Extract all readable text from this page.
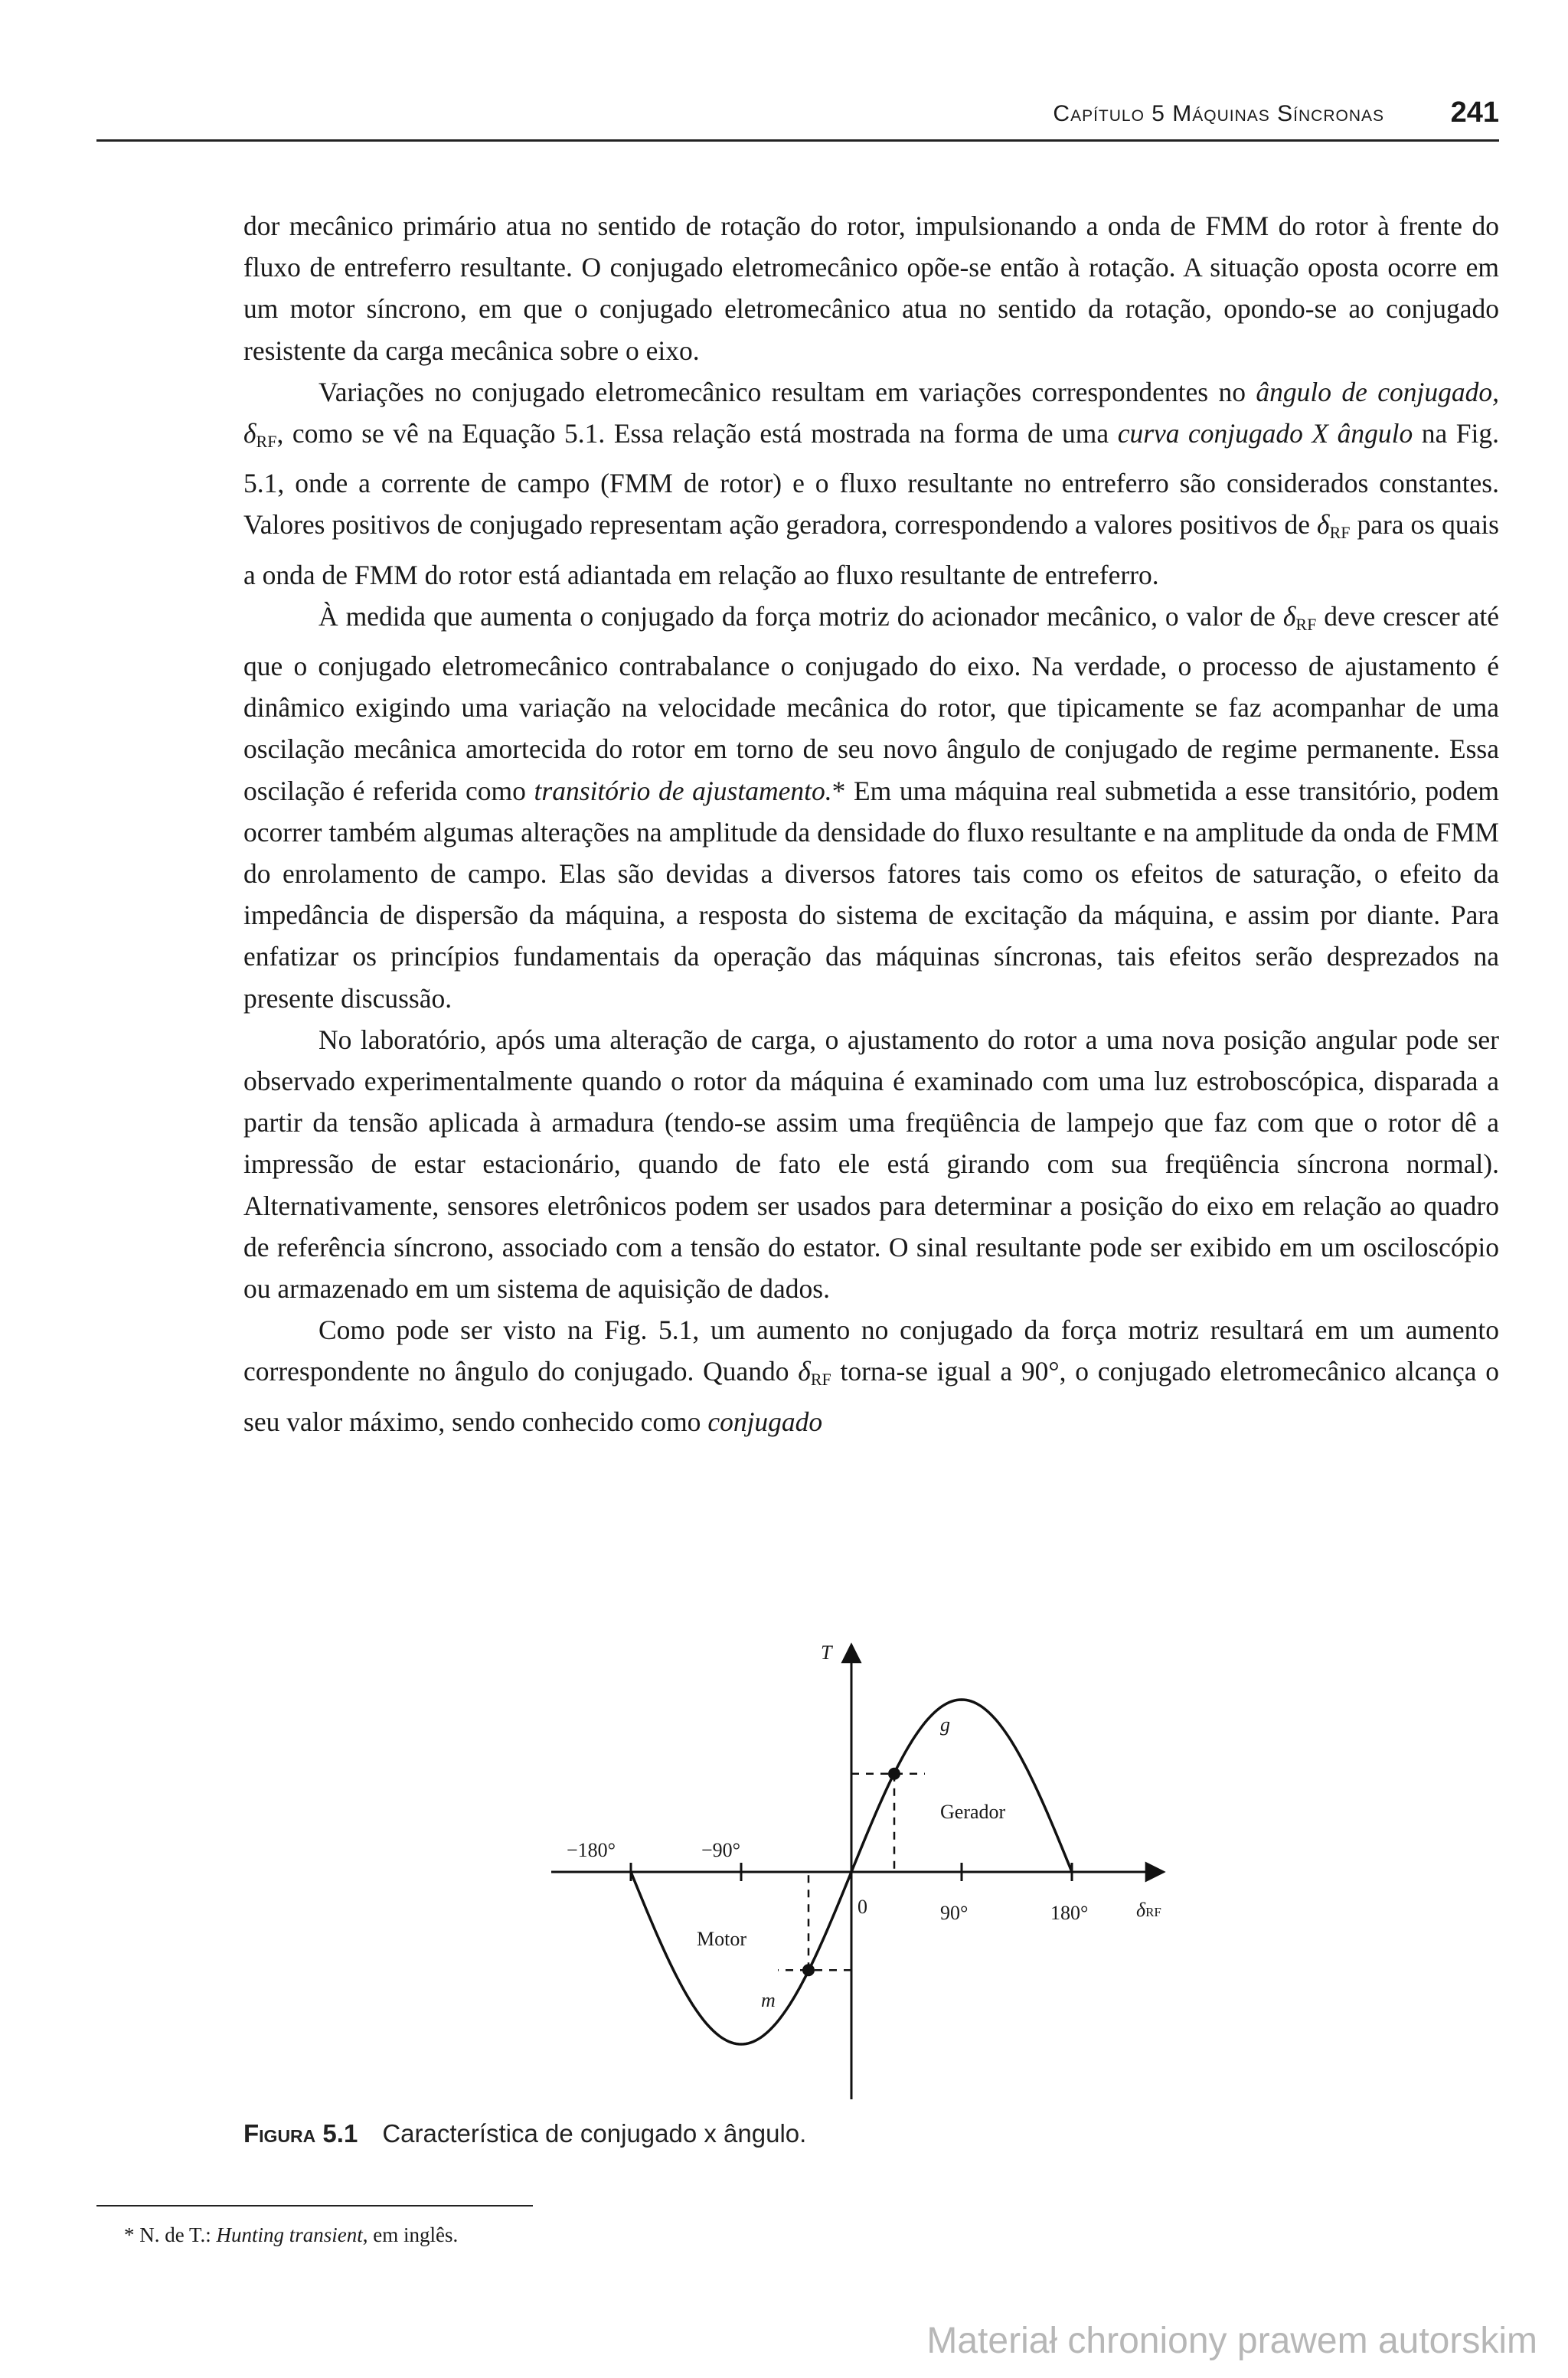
Capítulo 5 Máquinas Síncronas 241

dor mecânico primário atua no sentido de rotação do rotor, impulsionando a onda de FMM do rotor à frente do fluxo de entreferro resultante. O conjugado eletromecânico opõe-se então à rotação. A situação oposta ocorre em um motor síncrono, em que o conjugado eletromecânico atua no sentido da rotação, opondo-se ao conjugado resistente da carga mecânica sobre o eixo.

Variações no conjugado eletromecânico resultam em variações correspondentes no ângulo de conjugado, $\delta_{RF}$, como se vê na Equação 5.1. Essa relação está mostrada na forma de uma curva conjugado X ângulo na Fig. 5.1, onde a corrente de campo (FMM de rotor) e o fluxo resultante no entreferro são considerados constantes. Valores positivos de conjugado representam ação geradora, correspondendo a valores positivos de $\delta_{RF}$ para os quais a onda de FMM do rotor está adiantada em relação ao fluxo resultante de entreferro.

À medida que aumenta o conjugado da força motriz do acionador mecânico, o valor de $\delta_{RF}$ deve crescer até que o conjugado eletromecânico contrabalance o conjugado do eixo. Na verdade, o processo de ajustamento é dinâmico exigindo uma variação na velocidade mecânica do rotor, que tipicamente se faz acompanhar de uma oscilação mecânica amortecida do rotor em torno de seu novo ângulo de conjugado de regime permanente. Essa oscilação é referida como transitório de ajustamento.* Em uma máquina real submetida a esse transitório, podem ocorrer também algumas alterações na amplitude da densidade do fluxo resultante e na amplitude da onda de FMM do enrolamento de campo. Elas são devidas a diversos fatores tais como os efeitos de saturação, o efeito da impedância de dispersão da máquina, a resposta do sistema de excitação da máquina, e assim por diante. Para enfatizar os princípios fundamentais da operação das máquinas síncronas, tais efeitos serão desprezados na presente discussão.

No laboratório, após uma alteração de carga, o ajustamento do rotor a uma nova posição angular pode ser observado experimentalmente quando o rotor da máquina é examinado com uma luz estroboscópica, disparada a partir da tensão aplicada à armadura (tendo-se assim uma freqüência de lampejo que faz com que o rotor dê a impressão de estar estacionário, quando de fato ele está girando com sua freqüência síncrona normal). Alternativamente, sensores eletrônicos podem ser usados para determinar a posição do eixo em relação ao quadro de referência síncrono, associado com a tensão do estator. O sinal resultante pode ser exibido em um osciloscópio ou armazenado em um sistema de aquisição de dados.

Como pode ser visto na Fig. 5.1, um aumento no conjugado da força motriz resultará em um aumento correspondente no ângulo do conjugado. Quando $\delta_{RF}$ torna-se igual a 90°, o conjugado eletromecânico alcança o seu valor máximo, sendo conhecido como conjugado

T
g
m
Gerador
Motor
0
−180°	−90°
90°	180° δRF
Figura 5.1 Característica de conjugado x ângulo.
* N. de T.: Hunting transient, em inglês.
Materiał chroniony prawem autorskim
